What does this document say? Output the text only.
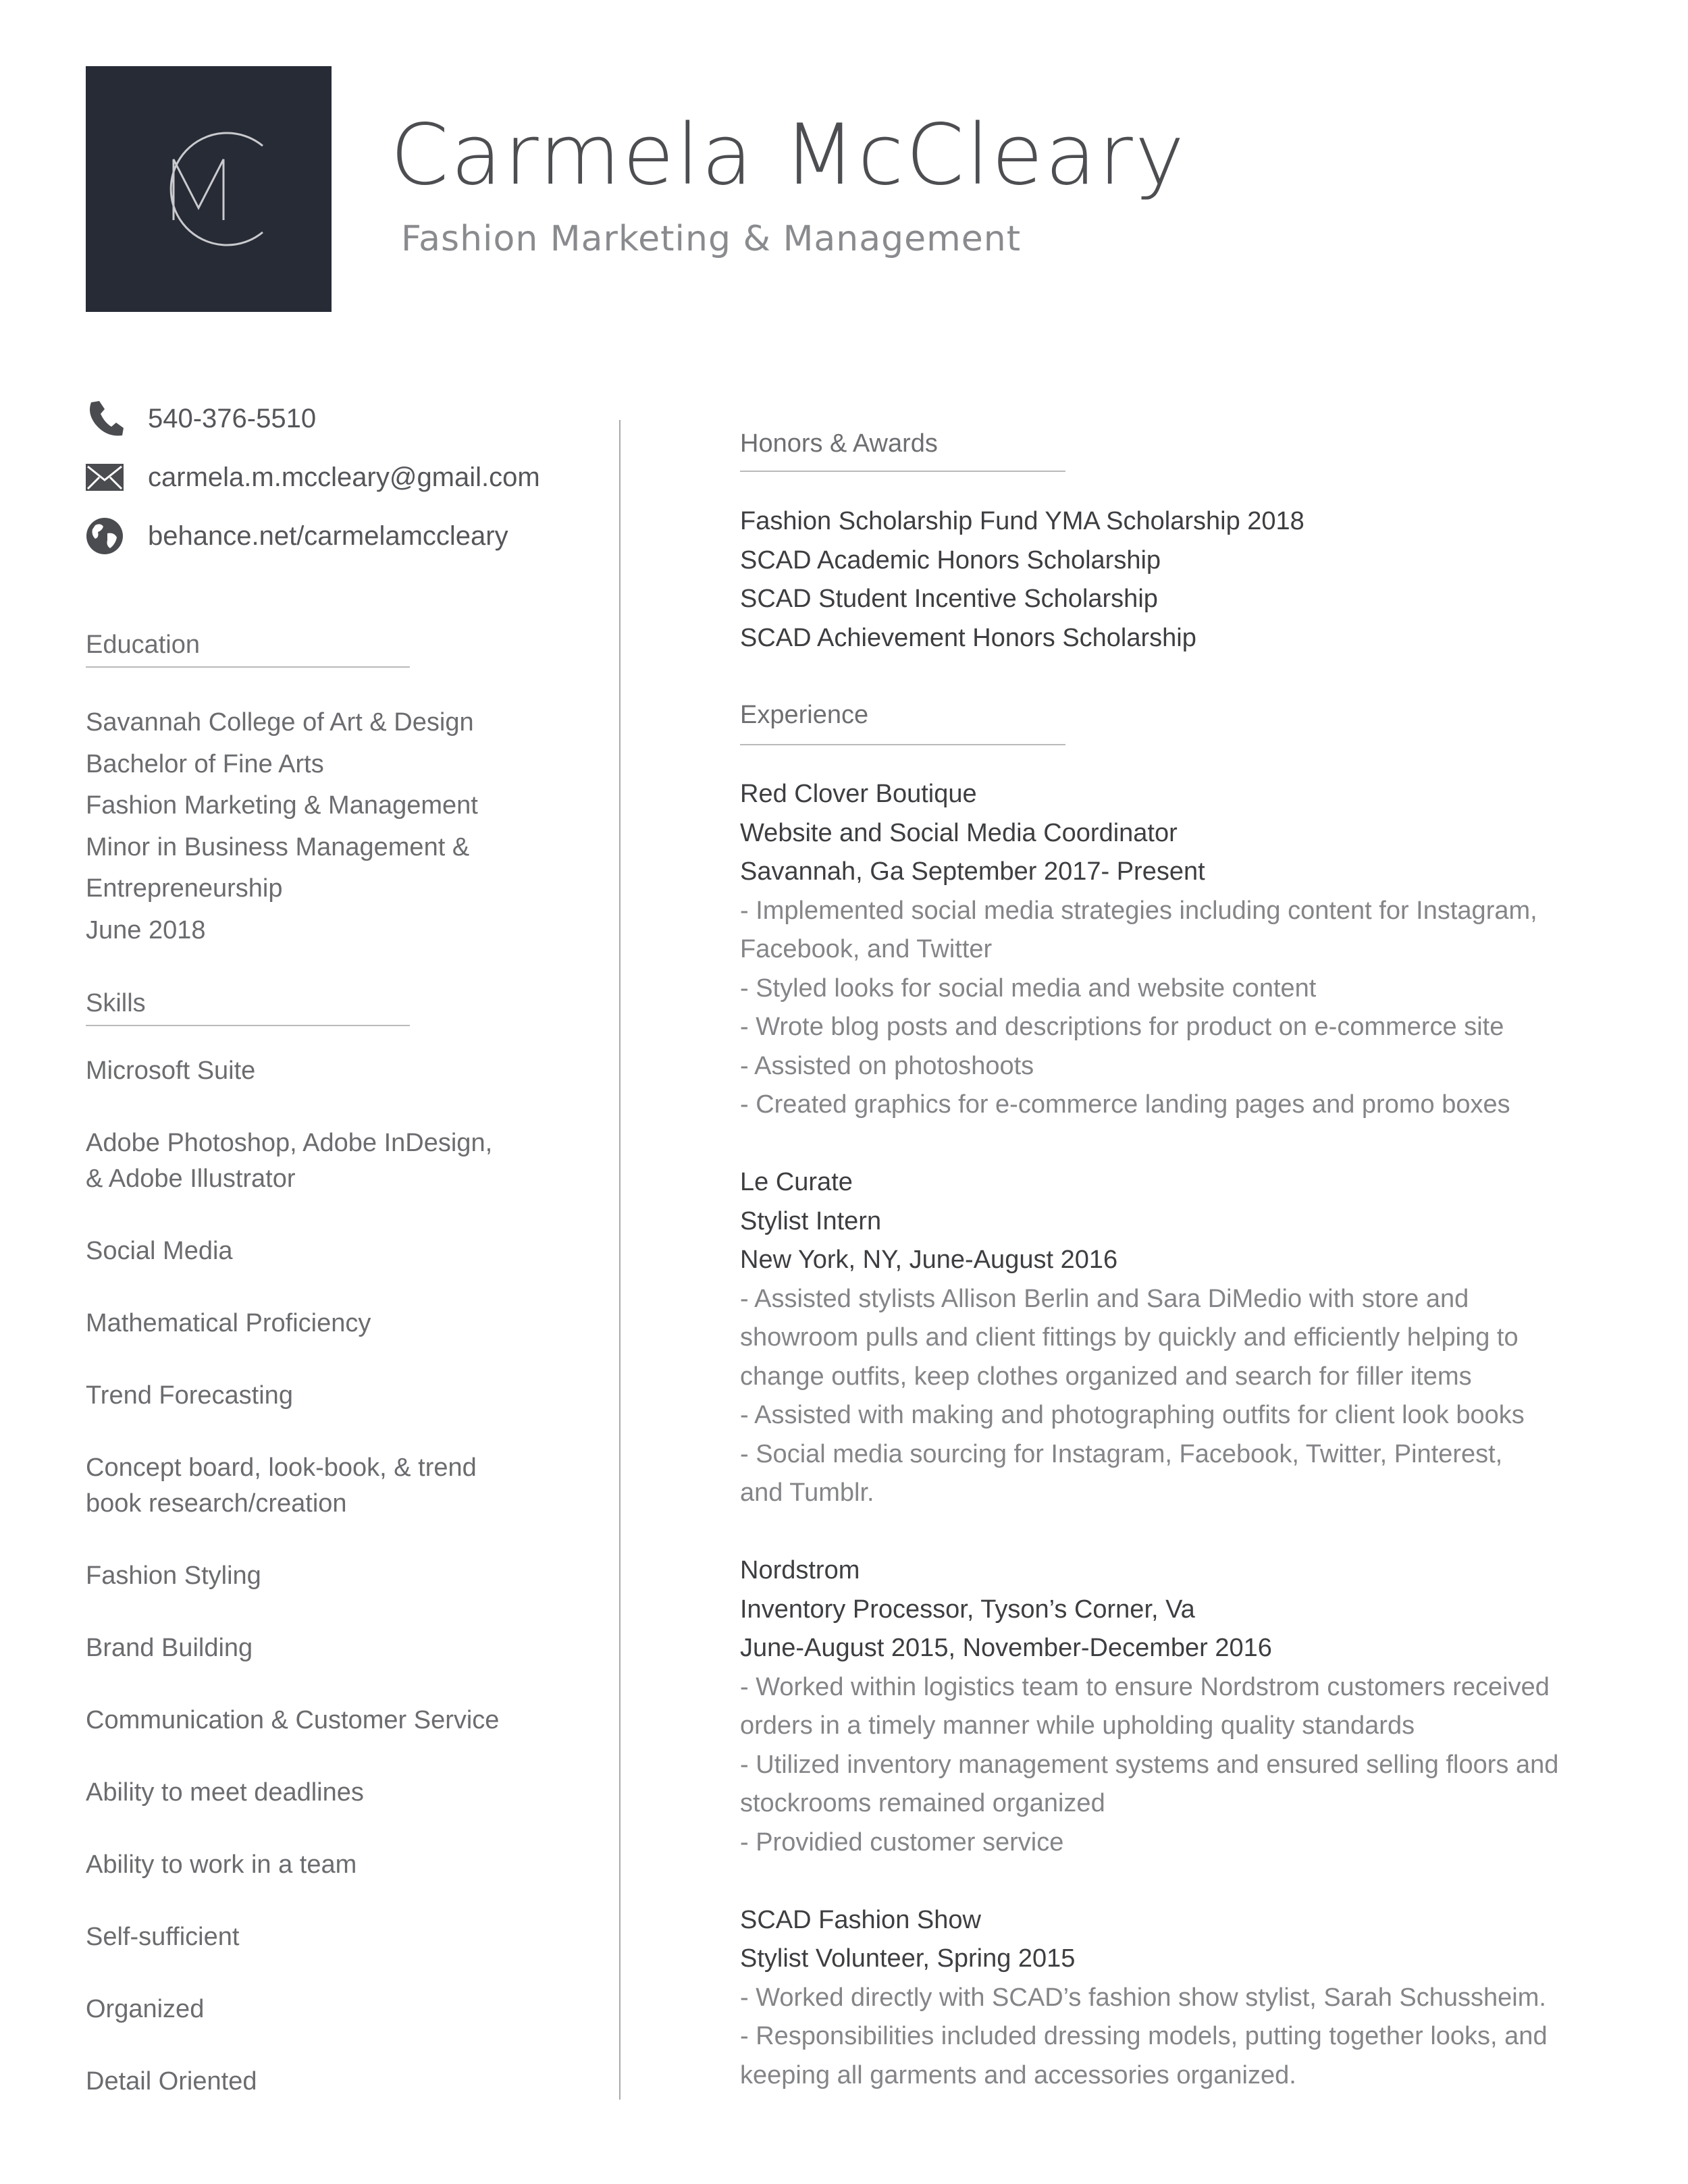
Carmela McCleary
Fashion Marketing & Management
540-376-5510
carmela.m.mccleary@gmail.com
behance.net/carmelamccleary
Education
Savannah College of Art & Design
Bachelor of Fine Arts
Fashion Marketing & Management
Minor in Business Management &
Entrepreneurship
June 2018
Skills
Microsoft Suite
Adobe Photoshop, Adobe InDesign,
& Adobe Illustrator
Social Media
Mathematical Proficiency
Trend Forecasting
Concept board, look-book, & trend
book research/creation
Fashion Styling
Brand Building
Communication & Customer Service
Ability to meet deadlines
Ability to work in a team
Self-sufficient
Organized
Detail Oriented
Honors & Awards
Fashion Scholarship Fund YMA Scholarship 2018
SCAD Academic Honors Scholarship
SCAD Student Incentive Scholarship
SCAD Achievement Honors Scholarship
Experience
Red Clover Boutique
Website and Social Media Coordinator
Savannah, Ga September 2017- Present
- Implemented social media strategies including content for Instagram,
Facebook, and Twitter
- Styled looks for social media and website content
- Wrote blog posts and descriptions for product on e-commerce site
- Assisted on photoshoots
- Created graphics for e-commerce landing pages and promo boxes
Le Curate
Stylist Intern
New York, NY, June-August 2016
- Assisted stylists Allison Berlin and Sara DiMedio with store and
showroom pulls and client fittings by quickly and efficiently helping to
change outfits, keep clothes organized and search for filler items
- Assisted with making and photographing outfits for client look books
- Social media sourcing for Instagram, Facebook, Twitter, Pinterest,
and Tumblr.
Nordstrom
Inventory Processor, Tyson’s Corner, Va
June-August 2015, November-December 2016
- Worked within logistics team to ensure Nordstrom customers received
orders in a timely manner while upholding quality standards
- Utilized inventory management systems and ensured selling floors and
stockrooms remained organized
- Providied customer service
SCAD Fashion Show
Stylist Volunteer, Spring 2015
- Worked directly with SCAD’s fashion show stylist, Sarah Schussheim.
- Responsibilities included dressing models, putting together looks, and
keeping all garments and accessories organized.
